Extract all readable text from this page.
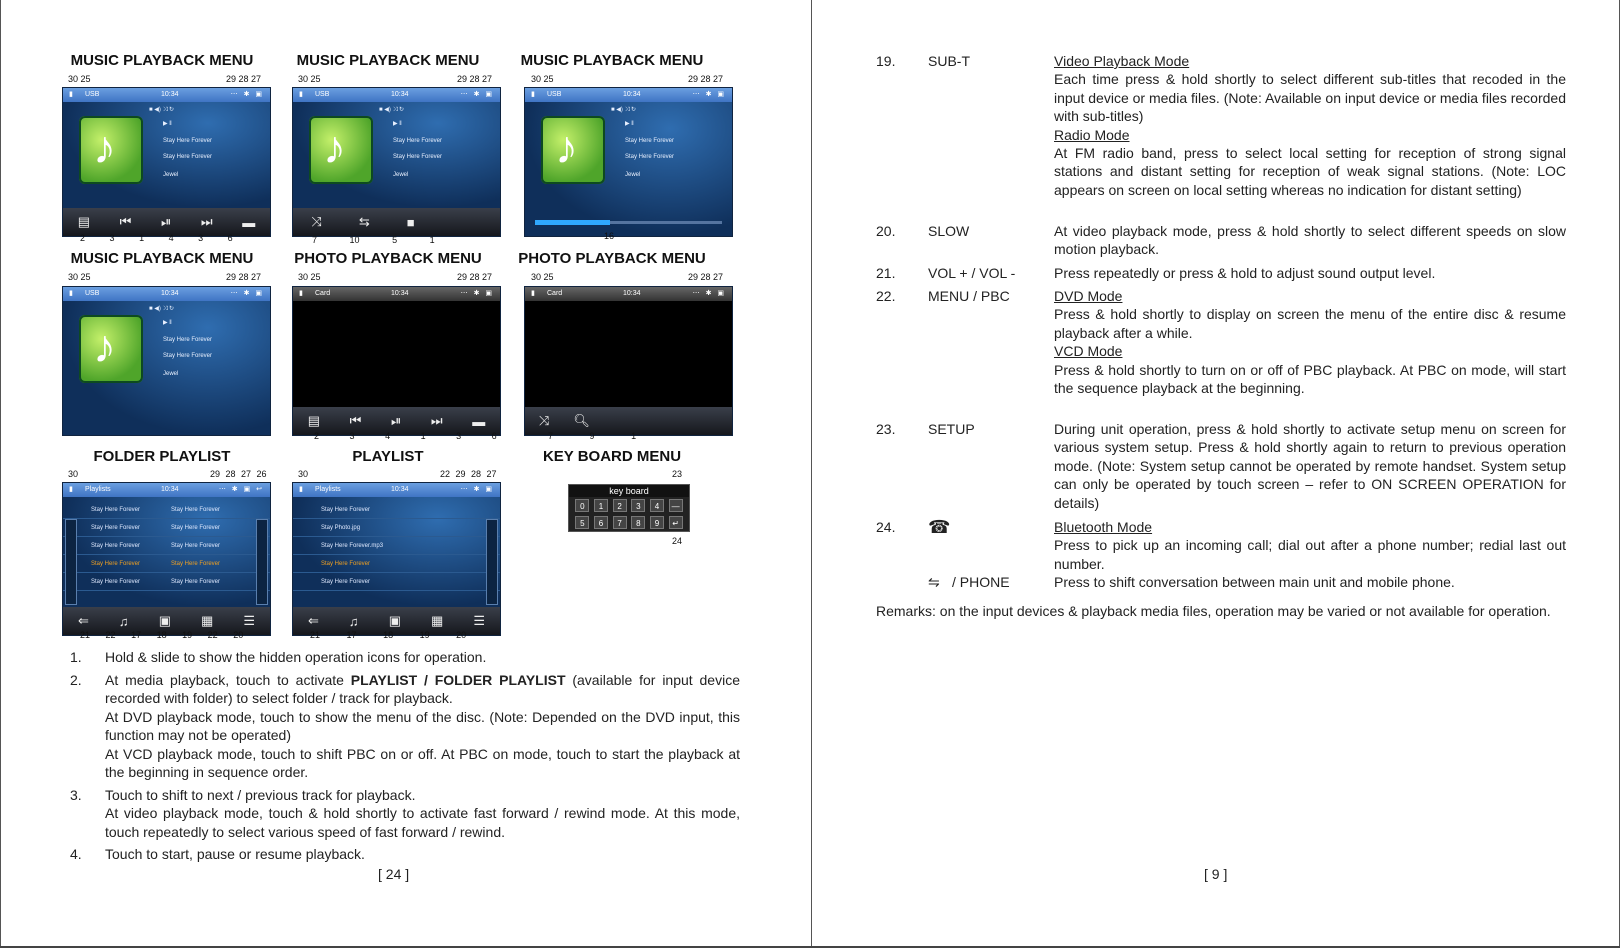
MUSIC PLAYBACK MENU	MUSIC PLAYBACK MENU	MUSIC PLAYBACK MENU
30 25	29 28 27	30 25	29 28 27	30 25	29 28 27
▮ USB	10:34	⋯ ✱ ▣
♪
■ ◀) ⤨ ↻
▶ ‖
Stay Here Forever
Stay Here Forever
Jewel
▤ ⏮ ⏯ ⏭ ▬
▮ USB	10:34	⋯ ✱ ▣
♪
■ ◀) ⤨ ↻
▶ ‖
Stay Here Forever
Stay Here Forever
Jewel
⤨	⇆	■
▮ USB	10:34	⋯ ✱ ▣
♪
■ ◀) ⤨ ↻
▶ ‖
Stay Here Forever
Stay Here Forever
Jewel
2	3	1	4	3	6	7	10	5	1	16
MUSIC PLAYBACK MENU	PHOTO PLAYBACK MENU	PHOTO PLAYBACK MENU
30 25	29 28 27	30 25	29 28 27	30 25	29 28 27
▮ USB	10:34	⋯ ✱ ▣
♪
■ ◀) ⤨ ↻
▶ ‖
Stay Here Forever
Stay Here Forever
Jewel
▮ Card	10:34	⋯ ✱ ▣
▤ ⏮ ⏯ ⏭ ▬
▮ Card	10:34	⋯ ✱ ▣
⤨ 🔍︎
2	3	4	1	3	6	7	9	1
FOLDER PLAYLIST	PLAYLIST	KEY BOARD MENU
30	29 28 27 26	30	22 29 28 27	23
▮ Playlists	10:34	⋯ ✱ ▣ ↩
Stay Here Forever	Stay Here Forever
Stay Here Forever	Stay Here Forever
Stay Here Forever	Stay Here Forever
Stay Here Forever	Stay Here Forever
Stay Here Forever	Stay Here Forever
⇐ ♫ ▣ ▦ ☰
▮ Playlists	10:34	⋯ ✱ ▣
Stay Here Forever
Stay Photo.jpg
Stay Here Forever.mp3
Stay Here Forever
Stay Here Forever
⇐ ♫ ▣ ▦ ☰
key board
0	1	2	3	4	—
5	6	7	8	9	↵
24
21 22 17 18 19 22 20	21	17	18	19	20
1. Hold & slide to show the hidden operation icons for operation.
2. At media playback, touch to activate PLAYLIST / FOLDER PLAYLIST (available for input device recorded with folder) to select folder / track for playback.
At DVD playback mode, touch to show the menu of the disc. (Note: Depended on the DVD input, this function may not be operated)
At VCD playback mode, touch to shift PBC on or off. At PBC on mode, touch to start the playback at the beginning in sequence order.
3. Touch to shift to next / previous track for playback.
At video playback mode, touch & hold shortly to activate fast forward / rewind mode. At this mode, touch repeatedly to select various speed of fast forward / rewind.
4. Touch to start, pause or resume playback.
[ 24 ]
19. SUB-T	Video Playback Mode
Each time press & hold shortly to select different sub-titles that recoded in the input device or media files. (Note: Available on input device or media files recorded with sub-titles)
Radio Mode
At FM radio band, press to select local setting for reception of strong signal stations and distant setting for reception of weak signal stations. (Note: LOC appears on screen on local setting whereas no indication for distant setting)
20. SLOW	At video playback mode, press & hold shortly to select different speeds on slow motion playback.
21. VOL + / VOL -	Press repeatedly or press & hold to adjust sound output level.
22. MENU / PBC	DVD Mode
Press & hold shortly to display on screen the menu of the entire disc & resume playback after a while.
VCD Mode
Press & hold shortly to turn on or off of PBC playback. At PBC on mode, will start the sequence playback at the beginning.
23. SETUP	During unit operation, press & hold shortly to activate setup menu on screen for various system setup. Press & hold shortly again to return to previous operation mode. (Note: System setup cannot be operated by remote handset. System setup can only be operated by touch screen – refer to ON SCREEN OPERATION for details)
24. ☎	Bluetooth Mode
Press to pick up an incoming call; dial out after a phone number; redial last out number.
⇋ / PHONE	Press to shift conversation between main unit and mobile phone.
Remarks: on the input devices & playback media files, operation may be varied or not available for operation.
[ 9 ]
